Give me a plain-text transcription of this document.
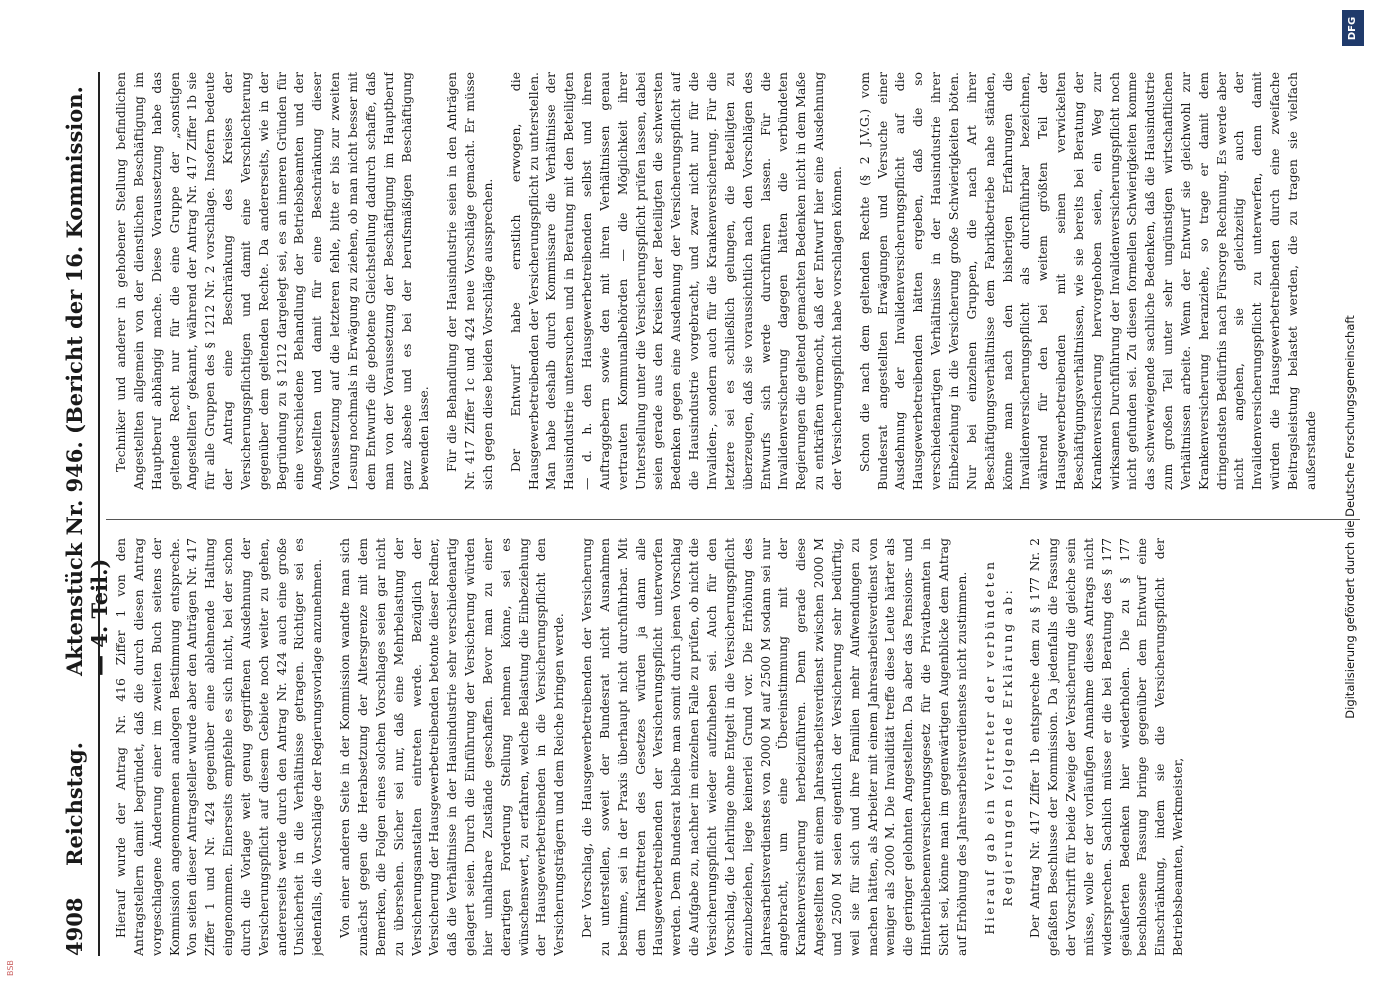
4908
Reichstag.
Aktenstück Nr. 946. (Bericht der 16. Kommission. — 4. Teil.) Hierauf wurde der Antrag Nr. 416 Ziffer 1 von den Antragstellern damit begründet, daß die durch diesen Antrag vorgeschlagene Änderung einer im zweiten Buch seitens der Kommission angenommenen analogen Bestimmung entspreche. Von seiten dieser Antragsteller wurde aber den Anträgen Nr. 417 Ziffer 1 und Nr. 424 gegenüber eine ablehnende Haltung eingenommen. Einerseits empfehle es sich nicht, bei der schon durch die Vorlage weit genug gegriffenen Ausdehnung der Versicherungspflicht auf diesem Gebiete noch weiter zu gehen, andererseits werde durch den Antrag Nr. 424 auch eine große Unsicherheit in die Verhältnisse getragen. Richtiger sei es jedenfalls, die Vorschläge der Regierungsvorlage anzunehmen. Von einer anderen Seite in der Kommission wandte man sich zunächst gegen die Herabsetzung der Altersgrenze mit dem Bemerken, die Folgen eines solchen Vorschlages seien gar nicht zu übersehen. Sicher sei nur, daß eine Mehrbelastung der Versicherungsanstalten eintreten werde. Bezüglich der Versicherung der Hausgewerbetreibenden betonte dieser Redner, daß die Verhältnisse in der Hausindustrie sehr verschiedenartig gelagert seien. Durch die Einführung der Versicherung würden hier unhaltbare Zustände geschaffen. Bevor man zu einer derartigen Forderung Stellung nehmen könne, sei es wünschenswert, zu erfahren, welche Belastung die Einbeziehung der Hausgewerbetreibenden in die Versicherungspflicht den Versicherungsträgern und dem Reiche bringen werde. Der Vorschlag, die Hausgewerbetreibenden der Versicherung zu unterstellen, soweit der Bundesrat nicht Ausnahmen bestimme, sei in der Praxis überhaupt nicht durchführbar. Mit dem Inkrafttreten des Gesetzes würden ja dann alle Hausgewerbetreibenden der Versicherungspflicht unterworfen werden. Dem Bundesrat bleibe man somit durch jenen Vorschlag die Aufgabe zu, nachher im einzelnen Falle zu prüfen, ob nicht die Versicherungspflicht wieder aufzuheben sei. Auch für den Vorschlag, die Lehrlinge ohne Entgelt in die Versicherungspflicht einzubeziehen, liege keinerlei Grund vor. Die Erhöhung des Jahresarbeitsverdienstes von 2000 M auf 2500 M sodann sei nur angebracht, um eine Übereinstimmung mit der Krankenversicherung herbeizuführen. Denn gerade diese Angestellten mit einem Jahresarbeitsverdienst zwischen 2000 M und 2500 M seien eigentlich der Versicherung sehr bedürftig, weil sie für sich und ihre Familien mehr Aufwendungen zu machen hätten, als Arbeiter mit einem Jahresarbeitsverdienst von weniger als 2000 M. Die Invalidität treffe diese Leute härter als die geringer gelohnten Angestellten. Da aber das Pensions- und Hinterbliebenenversicherungsgesetz für die Privatbeamten in Sicht sei, könne man im gegenwärtigen Augenblicke dem Antrag auf Erhöhung des Jahresarbeitsverdienstes nicht zustimmen. Hierauf gab ein Vertreter der verbündeten Regierungen folgende Erklärung ab: Der Antrag Nr. 417 Ziffer 1b entspreche dem zu § 177 Nr. 2 gefaßten Beschlusse der Kommission. Da jedenfalls die Fassung der Vorschrift für beide Zweige der Versicherung die gleiche sein müsse, wolle er der vorläufigen Annahme dieses Antrags nicht widersprechen. Sachlich müsse er die bei Beratung des § 177 geäußerten Bedenken hier wiederholen. Die zu § 177 beschlossene Fassung bringe gegenüber dem Entwurf eine Einschränkung, indem sie die Versicherungspflicht der Betriebsbeamten, Werkmeister,

Techniker und anderer in gehobener Stellung befindlichen Angestellten allgemein von der dienstlichen Beschäftigung im Hauptberuf abhängig mache. Diese Voraussetzung habe das geltende Recht nur für die eine Gruppe der „sonstigen Angestellten“ gekannt, während der Antrag Nr. 417 Ziffer 1b sie für alle Gruppen des § 1212 Nr. 2 vorschlage. Insofern bedeute der Antrag eine Beschränkung des Kreises der Versicherungspflichtigen und damit eine Verschlechterung gegenüber dem geltenden Rechte. Da andererseits, wie in der Begründung zu § 1212 dargelegt sei, es an inneren Gründen für eine verschiedene Behandlung der Betriebsbeamten und der Angestellten und damit für eine Beschränkung dieser Voraussetzung auf die letzteren fehle, bitte er bis zur zweiten Lesung nochmals in Erwägung zu ziehen, ob man nicht besser mit dem Entwurfe die gebotene Gleichstellung dadurch schaffe, daß man von der Voraussetzung der Beschäftigung im Hauptberuf ganz absehe und es bei der berufsmäßigen Beschäftigung bewenden lasse. Für die Behandlung der Hausindustrie seien in den Anträgen Nr. 417 Ziffer 1c und 424 neue Vorschläge gemacht. Er müsse sich gegen diese beiden Vorschläge aussprechen. Der Entwurf habe ernstlich erwogen, die Hausgewerbetreibenden der Versicherungspflicht zu unterstellen. Man habe deshalb durch Kommissare die Verhältnisse der Hausindustrie untersuchen und in Beratung mit den Beteiligten — d. h. den Hausgewerbetreibenden selbst und ihren Auftraggebern sowie den mit ihren Verhältnissen genau vertrauten Kommunalbehörden — die Möglichkeit ihrer Unterstellung unter die Versicherungspflicht prüfen lassen, dabei seien gerade aus den Kreisen der Beteiligten die schwersten Bedenken gegen eine Ausdehnung der Versicherungspflicht auf die Hausindustrie vorgebracht, und zwar nicht nur für die Invaliden-, sondern auch für die Krankenversicherung. Für die letztere sei es schließlich gelungen, die Beteiligten zu überzeugen, daß sie voraussichtlich nach den Vorschlägen des Entwurfs sich werde durchführen lassen. Für die Invalidenversicherung dagegen hätten die verbündeten Regierungen die geltend gemachten Bedenken nicht in dem Maße zu entkräften vermocht, daß der Entwurf hier eine Ausdehnung der Versicherungspflicht habe vorschlagen können. Schon die nach dem geltenden Rechte (§ 2 J.V.G.) vom Bundesrat angestellten Erwägungen und Versuche einer Ausdehnung der Invalidenversicherungspflicht auf die Hausgewerbetreibenden hätten ergeben, daß die so verschiedenartigen Verhältnisse in der Hausindustrie ihrer Einbeziehung in die Versicherung große Schwierigkeiten böten. Nur bei einzelnen Gruppen, die nach Art ihrer Beschäftigungsverhältnisse dem Fabrikbetriebe nahe ständen, könne man nach den bisherigen Erfahrungen die Invalidenversicherungspflicht als durchführbar bezeichnen, während für den bei weitem größten Teil der Hausgewerbetreibenden mit seinen verwickelten Beschäftigungsverhältnissen, wie sie bereits bei Beratung der Krankenversicherung hervorgehoben seien, ein Weg zur wirksamen Durchführung der Invalidenversicherungspflicht noch nicht gefunden sei. Zu diesen formellen Schwierigkeiten komme das schwerwiegende sachliche Bedenken, daß die Hausindustrie zum großen Teil unter sehr ungünstigen wirtschaftlichen Verhältnissen arbeite. Wenn der Entwurf sie gleichwohl zur Krankenversicherung heranziehe, so trage er damit dem dringendsten Bedürfnis nach Fürsorge Rechnung. Es werde aber nicht angehen, sie gleichzeitig auch der Invalidenversicherungspflicht zu unterwerfen, denn damit würden die Hausgewerbetreibenden durch eine zweifache Beitragsleistung belastet werden, die zu tragen sie vielfach außerstande

DFG
Digitalisierung gefördert durch die Deutsche Forschungsgemeinschaft
BSB
